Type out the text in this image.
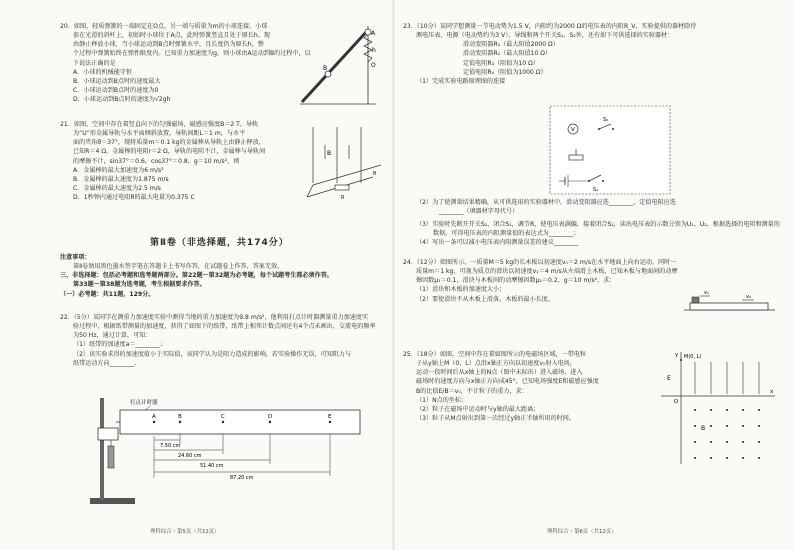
20．如图，轻质弹簧的一端固定在O点，另一端与质量为m的小球连接。小球

套在光滑的斜杆上，初始时小球位于A点，此时弹簧竖直且处于原长h。现

由静止释放小球，当小球运动到B点时弹簧水平，且长度仍为原长h，整

个过程中弹簧始终在弹性限度内。已知重力加速度为g，则小球由A运动到B的过程中，以下说法正确的是

A．小球的机械能守恒

B．小球运动到B点时的速度最大

C．小球运动到B点时的速度为0

D．小球运动到B点时的速度为√2gh

A
B	O
h

21．如图，空间中存在着竖直向下的匀强磁场，磁感应强度B＝2 T，导轨

为“U”形金属导轨与水平面倾斜放置，导轨间距L＝1 m，与水平

面的夹角θ＝37°，现将质量m＝0.1 kg的金属棒从导轨上由静止释放，

已知R＝4 Ω，金属棒的电阻r＝2 Ω，导轨的电阻不计，金属棒与导轨间

的摩擦不计，sin37°＝0.6，cos37°＝0.8，g＝10 m/s²，则

A．金属棒的最大加速度为6 m/s²

B．金属棒的最大速度为1.875 m/s

C．金属棒的最大速度为2.5 m/s

D．1秒钟内通过电阻R的最大电量为0.375 C

B
R
θ
第Ⅱ卷（非选择题，共174分）

注意事项：

第Ⅱ卷须用黑色墨水签字笔在答题卡上书写作答，在试题卷上作答，答案无效。

三、非选择题：包括必考题和选考题两部分。第22题～第32题为必考题，每个试题考生都必须作答。

第33题～第38题为选考题，考生根据要求作答。

（一）必考题：共11题，129分。

22．（5分）某同学在测重力加速度实验中测得当地的重力加速度为9.8 m/s²，他利用打点计时器测量重力加速度实

验过程中，根据纸带测量的加速度，获得了如图下的纸带，纸带上相邻计数点间还有4个点未画出，交流电的频率

为50 Hz，通过计算，可知：

（1）纸带的加速度a＝________；

（2）该实验求得的加速度值小于实际值，该同学认为是阻力造成的影响，若实验操作无误，可知阻力与

纸带运动方向________。

打点计时器
A	B	C	D	E
7.50 cm
24.60 cm
51.40 cm
87.20 cm
理科综合・第5页（共12页）

23．（10分）某同学想测量一节电动势为1.5 V，内阻约为2000 Ω的电压表的内阻R_V，实验提供的器材除待

测电压表、电源（电动势约为3 V）、导线和两个开关S₁、S₂外，还有如下可供选择的实验器材：

滑动变阻器R₁（最大阻值2000 Ω）

滑动变阻器R₂（最大阻值10 Ω）

定值电阻R₃（阻值为10 Ω）

定值电阻R₄（阻值为1000 Ω）

（1）完成实验电路原理图的连接

V
S₂
S₁

（2）为了使测量结果精确，从可供选用的实验器材中，滑动变阻器应选________，定值电阻应选

________（填器材字母代号）

（3）实验时先断开开关S₂，闭合S₁，调节R，使电压表满偏，接着闭合S₂，读出电压表的示数分别为U₁、U₂，根据选择的电阻和测量的

数据，可得电压表的内阻测量值的表达式为________；

（4）写出一条可以减小电压表内阻测量误差的建议________

24．（12分）如图所示，一质量M＝5 kg的长木板以初速度v₀＝2 m/s在水平地面上向右运动，同时一

质量m＝1 kg，可视为质点的滑块以初速度v₁＝4 m/s从左端滑上木板，已知木板与地面间的动摩

擦因数μ₁＝0.1，滑块与木板间的动摩擦因数μ₂＝0.2，g＝10 m/s²，求：

（1）滑块和木板的加速度大小；

（2）要使滑块不从木板上滑落，木板的最小长度。

v₁
v₀

25．（18分）如图，空间中存在着如图所示的电磁场区域，一带电粒

子从y轴上M（0，L）点沿x轴正方向以初速度v₀射入电场，

运动一段时间后从x轴上的N点（图中未标出）进入磁场，进入

磁场时的速度方向与x轴正方向成45°，已知电场强度E和磁感应强度

B的比值E/B＝v₀，不计粒子的重力，求：

（1）N点的坐标；

（2）粒子在磁场中运动时与y轴的最大距离；

（3）粒子从M点射出到第一次经过y轴正半轴所用的时间。

y
x
O
M(0, L)
E
B
理科综合・第6页（共12页）
